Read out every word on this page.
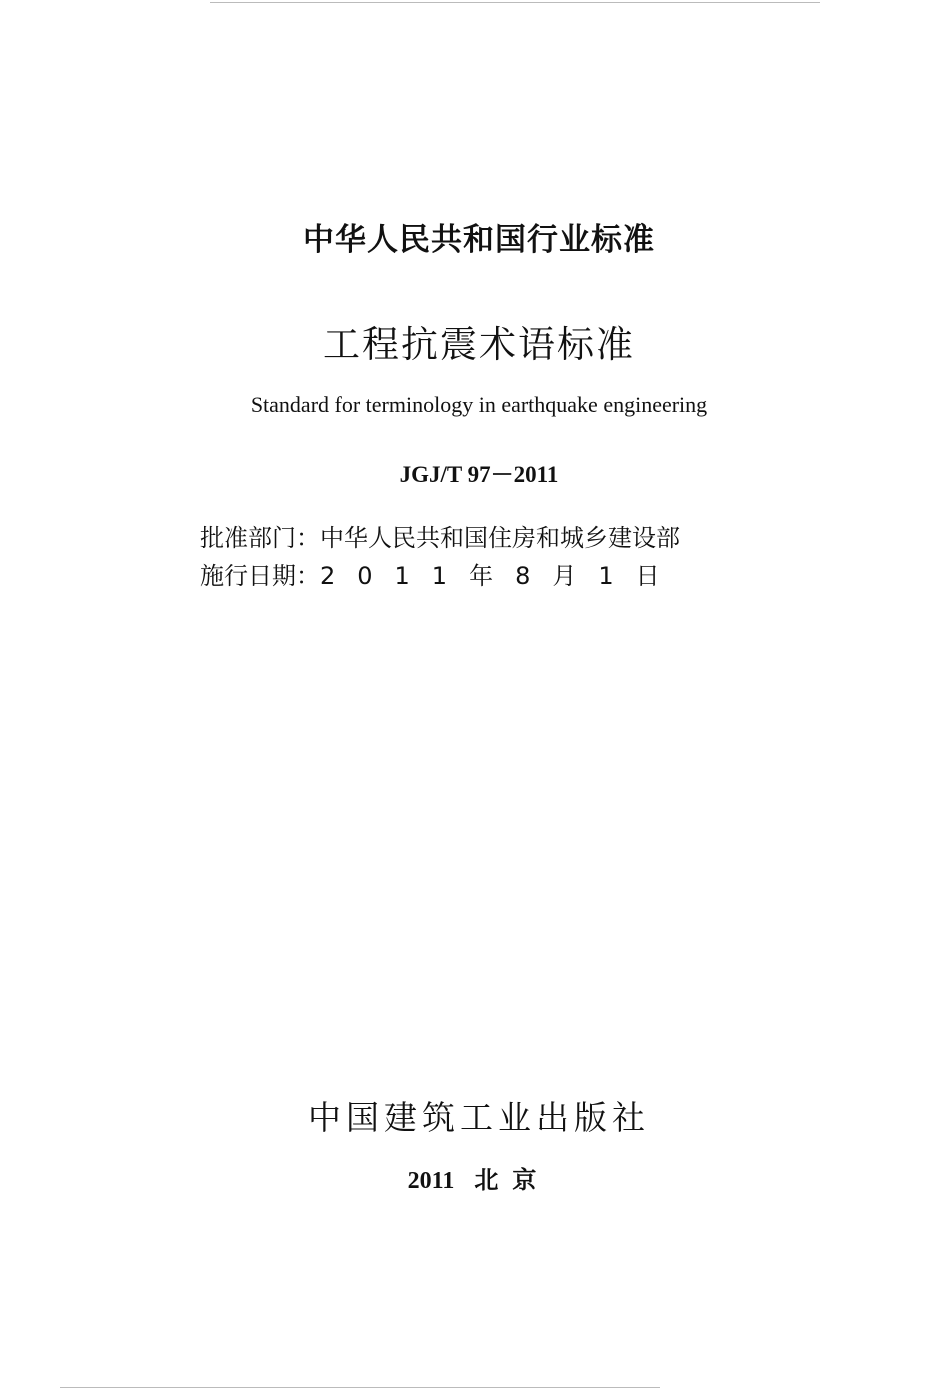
中华人民共和国行业标准
工程抗震术语标准
Standard for terminology in earthquake engineering
JGJ/T 97－2011
批准部门：中华人民共和国住房和城乡建设部
施行日期：2011年8月1日
中国建筑工业出版社
2011 北京
